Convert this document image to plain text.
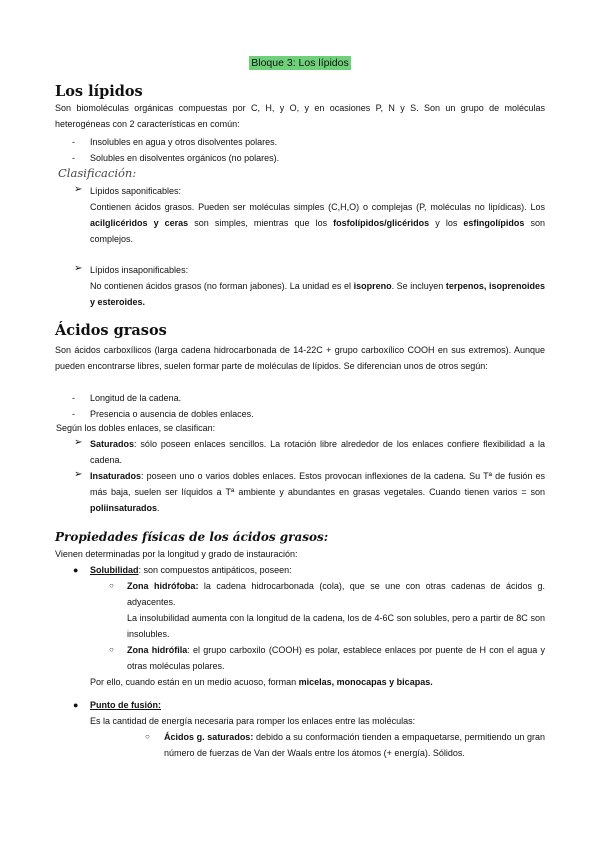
Bloque 3: Los lípidos
Los lípidos
Son biomoléculas orgánicas compuestas por C, H, y O, y en ocasiones P, N y S. Son un grupo de moléculas heterogéneas con 2 características en común:
- Insolubles en agua y otros disolventes polares.
- Solubles en disolventes orgánicos (no polares).
Clasificación:
➢ Lípidos saponificables:
Contienen ácidos grasos. Pueden ser moléculas simples (C,H,O) o complejas (P, moléculas no lipídicas). Los acilglicéridos y ceras son simples, mientras que los fosfolípidos/glicéridos y los esfingolípidos son complejos.
➢ Lípidos insaponificables:
No contienen ácidos grasos (no forman jabones). La unidad es el isopreno. Se incluyen terpenos, isoprenoides y esteroides.
Ácidos grasos
Son ácidos carboxílicos (larga cadena hidrocarbonada de 14-22C + grupo carboxílico COOH en sus extremos). Aunque pueden encontrarse libres, suelen formar parte de moléculas de lípidos. Se diferencian unos de otros según:
- Longitud de la cadena.
- Presencia o ausencia de dobles enlaces.
Según los dobles enlaces, se clasifican:
➢ Saturados: sólo poseen enlaces sencillos. La rotación libre alrededor de los enlaces confiere flexibilidad a la cadena.
➢ Insaturados: poseen uno o varios dobles enlaces. Estos provocan inflexiones de la cadena. Su Tª de fusión es más baja, suelen ser líquidos a Tª ambiente y abundantes en grasas vegetales. Cuando tienen varios = son poliinsaturados.
Propiedades físicas de los ácidos grasos:
Vienen determinadas por la longitud y grado de instauración:
● Solubilidad: son compuestos antipáticos, poseen:
○ Zona hidrófoba: la cadena hidrocarbonada (cola), que se une con otras cadenas de ácidos g. adyacentes.
La insolubilidad aumenta con la longitud de la cadena, los de 4-6C son solubles, pero a partir de 8C son insolubles.
○ Zona hidrófila: el grupo carboxilo (COOH) es polar, establece enlaces por puente de H con el agua y otras moléculas polares.
Por ello, cuando están en un medio acuoso, forman micelas, monocapas y bicapas.
● Punto de fusión:
Es la cantidad de energía necesaria para romper los enlaces entre las moléculas:
○ Ácidos g. saturados: debido a su conformación tienden a empaquetarse, permitiendo un gran número de fuerzas de Van der Waals entre los átomos (+ energía). Sólidos.
